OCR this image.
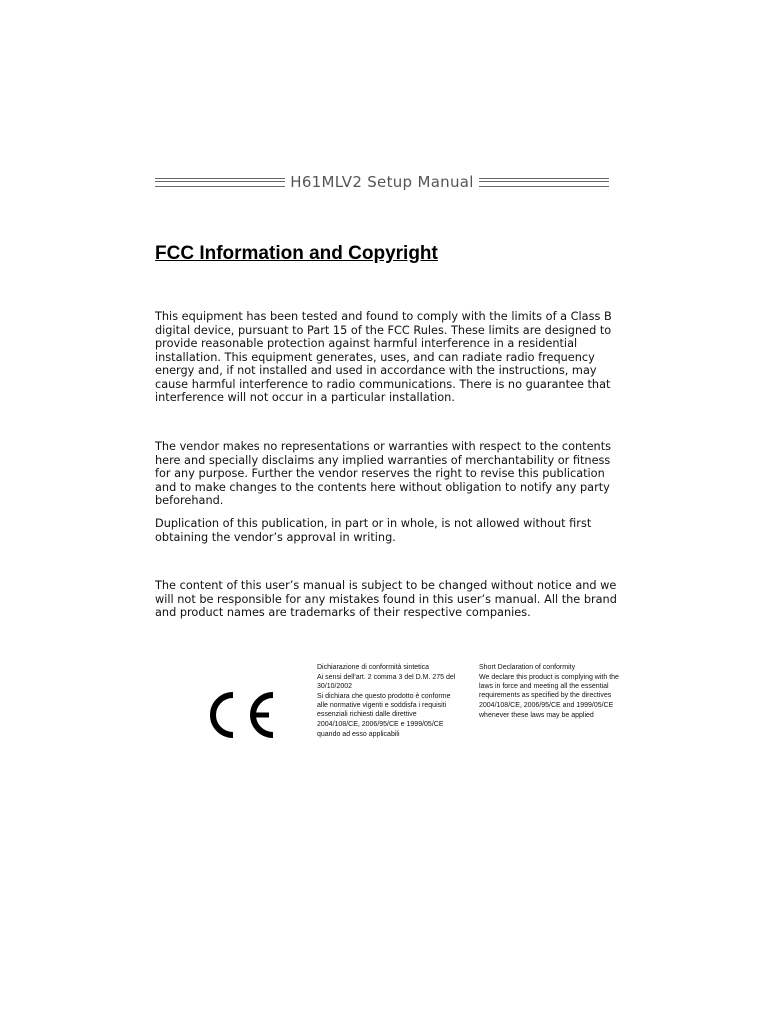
H61MLV2 Setup Manual
FCC Information and Copyright

This equipment has been tested and found to comply with the limits of a Class B digital device, pursuant to Part 15 of the FCC Rules. These limits are designed to provide reasonable protection against harmful interference in a residential installation. This equipment generates, uses, and can radiate radio frequency energy and, if not installed and used in accordance with the instructions, may cause harmful interference to radio communications. There is no guarantee that interference will not occur in a particular installation.

The vendor makes no representations or warranties with respect to the contents here and specially disclaims any implied warranties of merchantability or fitness for any purpose. Further the vendor reserves the right to revise this publication and to make changes to the contents here without obligation to notify any party beforehand.

Duplication of this publication, in part or in whole, is not allowed without first obtaining the vendor’s approval in writing.

The content of this user’s manual is subject to be changed without notice and we will not be responsible for any mistakes found in this user’s manual. All the brand and product names are trademarks of their respective companies.

Dichiarazione di conformità sintetica

Ai sensi dell'art. 2 comma 3 del D.M. 275 del 30/10/2002

Si dichiara che questo prodotto è conforme alle normative vigenti e soddisfa i requisiti essenziali richiesti dalle direttive

2004/108/CE, 2006/95/CE e 1999/05/CE

quando ad esso applicabili

Short Declaration of conformity

We declare this product is complying with the laws in force and meeting all the essential requirements as specified by the directives

2004/108/CE, 2006/95/CE and 1999/05/CE

whenever these laws may be applied
